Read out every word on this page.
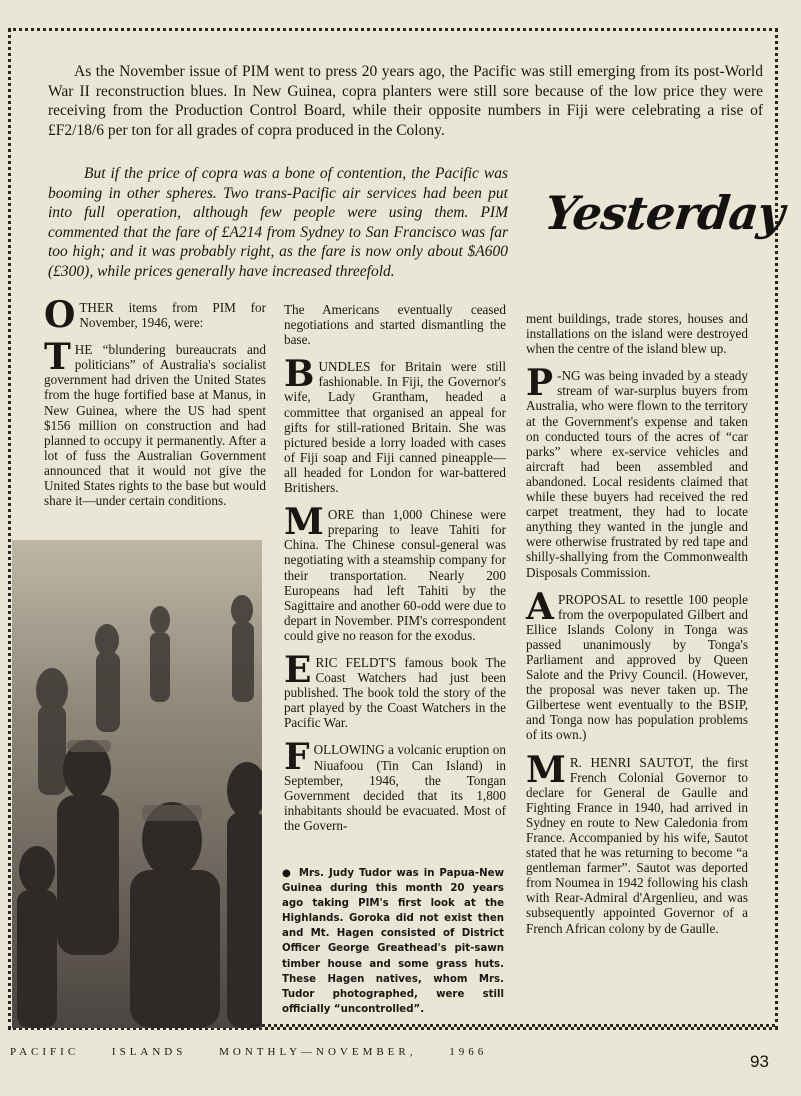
As the November issue of PIM went to press 20 years ago, the Pacific was still emerging from its post-World War II reconstruction blues. In New Guinea, copra planters were still sore because of the low price they were receiving from the Production Control Board, while their opposite numbers in Fiji were celebrating a rise of £F2/18/6 per ton for all grades of copra produced in the Colony.

But if the price of copra was a bone of contention, the Pacific was booming in other spheres. Two trans-Pacific air services had been put into full operation, although few people were using them. PIM commented that the fare of £A214 from Sydney to San Francisco was far too high; and it was probably right, as the fare is now only about $A600 (£300), while prices generally have increased threefold.

Yesterday

OTHER items from PIM for November, 1946, were:

THE “blundering bureaucrats and politicians” of Australia's socialist government had driven the United States from the huge fortified base at Manus, in New Guinea, where the US had spent $156 million on construction and had planned to occupy it permanently. After a lot of fuss the Australian Government announced that it would not give the United States rights to the base but would share it—under certain conditions.

The Americans eventually ceased negotiations and started dismantling the base.

BUNDLES for Britain were still fashionable. In Fiji, the Governor's wife, Lady Grantham, headed a committee that organised an appeal for gifts for still-rationed Britain. She was pictured beside a lorry loaded with cases of Fiji soap and Fiji canned pineapple—all headed for London for war-battered Britishers.

MORE than 1,000 Chinese were preparing to leave Tahiti for China. The Chinese consul-general was negotiating with a steamship company for their transportation. Nearly 200 Europeans had left Tahiti by the Sagittaire and another 60-odd were due to depart in November. PIM's correspondent could give no reason for the exodus.

ERIC FELDT'S famous book The Coast Watchers had just been published. The book told the story of the part played by the Coast Watchers in the Pacific War.

FOLLOWING a volcanic eruption on Niuafoou (Tin Can Island) in September, 1946, the Tongan Government decided that its 1,800 inhabitants should be evacuated. Most of the Govern-

● Mrs. Judy Tudor was in Papua-New Guinea during this month 20 years ago taking PIM's first look at the Highlands. Goroka did not exist then and Mt. Hagen consisted of District Officer George Greathead's pit-sawn timber house and some grass huts. These Hagen natives, whom Mrs. Tudor photographed, were still officially “uncontrolled”.

ment buildings, trade stores, houses and installations on the island were destroyed when the centre of the island blew up.

P -NG was being invaded by a steady stream of war-surplus buyers from Australia, who were flown to the territory at the Government's expense and taken on conducted tours of the acres of “car parks” where ex-service vehicles and aircraft had been assembled and abandoned. Local residents claimed that while these buyers had received the red carpet treatment, they had to locate anything they wanted in the jungle and were otherwise frustrated by red tape and shilly-shallying from the Commonwealth Disposals Commission.

APROPOSAL to resettle 100 people from the overpopulated Gilbert and Ellice Islands Colony in Tonga was passed unanimously by Tonga's Parliament and approved by Queen Salote and the Privy Council. (However, the proposal was never taken up. The Gilbertese went eventually to the BSIP, and Tonga now has population problems of its own.)

M R. HENRI SAUTOT, the first French Colonial Governor to declare for General de Gaulle and Fighting France in 1940, had arrived in Sydney en route to New Caledonia from France. Accompanied by his wife, Sautot stated that he was returning to become “a gentleman farmer”. Sautot was deported from Noumea in 1942 following his clash with Rear-Admiral d'Argenlieu, and was subsequently appointed Governor of a French African colony by de Gaulle.

PACIFIC	ISLANDS	MONTHLY—NOVEMBER,	1966	93
